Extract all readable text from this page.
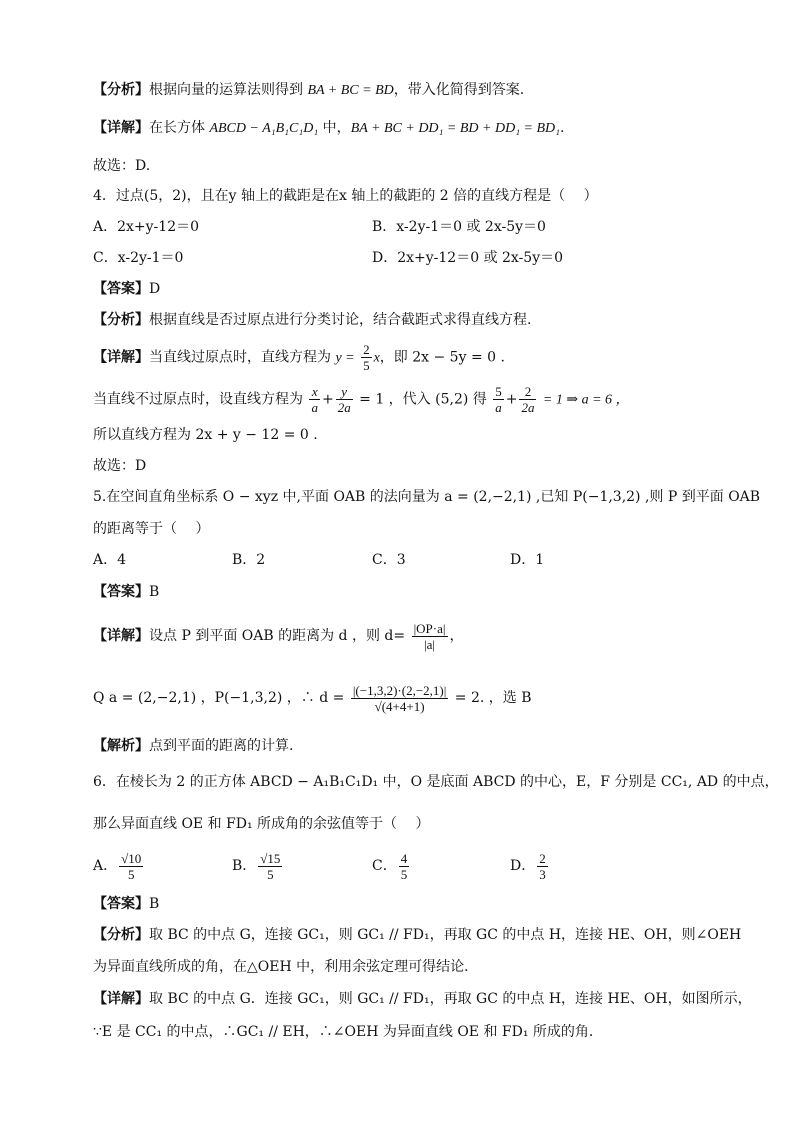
【分析】根据向量的运算法则得到 BA + BC = BD，带入化简得到答案.
【详解】在长方体 ABCD − A₁B₁C₁D₁ 中，BA + BC + DD₁ = BD + DD₁ = BD₁.
故选：D.
4．过点(5，2)，且在y 轴上的截距是在x 轴上的截距的 2 倍的直线方程是（　 ）
A．2x+y-12＝0	B．x-2y-1＝0 或 2x-5y＝0
C．x-2y-1＝0	D．2x+y-12＝0 或 2x-5y＝0
【答案】D
【分析】根据直线是否过原点进行分类讨论，结合截距式求得直线方程.
【详解】当直线过原点时，直线方程为 $y = \frac{2}{5}$ x，即 2x − 5y = 0 .
当直线不过原点时，设直线方程为 $\frac{x}{a} + \frac{y}{2a} = 1$ ，代入 (5,2) 得 $\frac{5}{a} + \frac{2}{2a} = 1$ ⇒ a = 6 ，
所以直线方程为 2x + y − 12 = 0 .
故选：D
5.在空间直角坐标系 O − xyz 中,平面 OAB 的法向量为 a = (2,−2,1) ,已知 P(−1,3,2) ,则 P 到平面 OAB
的距离等于（　 ）
A．4	B．2	C．3	D．1
【答案】B
【详解】设点 P 到平面 OAB 的距离为 d ，则 $d= \frac{|OP\cdot a|}{|a|}$ ，
Q a = (2,−2,1) ，P(−1,3,2) ，∴ $d = \frac{|(-1,3,2)\cdot(2,-2,1)|}{√(4+4+1)} = 2$. ，选 B
【解析】点到平面的距离的计算.
6．在棱长为 2 的正方体 ABCD − A₁B₁C₁D₁ 中，O 是底面 ABCD 的中心，E，F 分别是 CC₁, AD 的中点，
那么异面直线 OE 和 FD₁ 所成角的余弦值等于（　 ）
A． $\frac{√10}{5}$	B． $\frac{√15}{5}$	C． $\frac{4}{5}$	D． $\frac{2}{3}$
【答案】B
【分析】取 BC 的中点 G，连接 GC₁，则 GC₁ // FD₁，再取 GC 的中点 H，连接 HE、OH，则∠OEH
为异面直线所成的角，在△OEH 中，利用余弦定理可得结论．
【详解】取 BC 的中点 G．连接 GC₁，则 GC₁ // FD₁，再取 GC 的中点 H，连接 HE、OH，如图所示，
∵E 是 CC₁ 的中点，∴GC₁ // EH，∴∠OEH 为异面直线 OE 和 FD₁ 所成的角．
